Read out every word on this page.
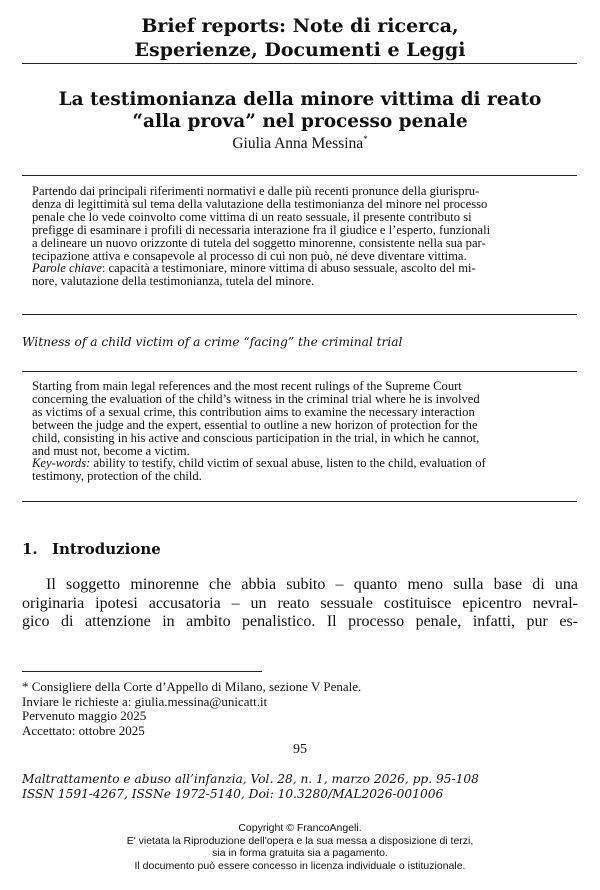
Brief reports: Note di ricerca,
Esperienze, Documenti e Leggi
La testimonianza della minore vittima di reato
“alla prova” nel processo penale
Giulia Anna Messina*
Partendo dai principali riferimenti normativi e dalle più recenti pronunce della giurispru-
denza di legittimità sul tema della valutazione della testimonianza del minore nel processo
penale che lo vede coinvolto come vittima di un reato sessuale, il presente contributo si
prefigge di esaminare i profili di necessaria interazione fra il giudice e l’esperto, funzionali
a delineare un nuovo orizzonte di tutela del soggetto minorenne, consistente nella sua par-
tecipazione attiva e consapevole al processo di cui non può, né deve diventare vittima.
Parole chiave: capacità a testimoniare, minore vittima di abuso sessuale, ascolto del mi-
nore, valutazione della testimonianza, tutela del minore.
Witness of a child victim of a crime “facing” the criminal trial
Starting from main legal references and the most recent rulings of the Supreme Court
concerning the evaluation of the child’s witness in the criminal trial where he is involved
as victims of a sexual crime, this contribution aims to examine the necessary interaction
between the judge and the expert, essential to outline a new horizon of protection for the
child, consisting in his active and conscious participation in the trial, in which he cannot,
and must not, become a victim.
Key-words: ability to testify, child victim of sexual abuse, listen to the child, evaluation of
testimony, protection of the child.
1. Introduzione
Il soggetto minorenne che abbia subito – quanto meno sulla base di una
originaria ipotesi accusatoria – un reato sessuale costituisce epicentro nevral-
gico di attenzione in ambito penalistico. Il processo penale, infatti, pur es-
* Consigliere della Corte d’Appello di Milano, sezione V Penale.
Inviare le richieste a: giulia.messina@unicatt.it
Pervenuto maggio 2025
Accettato: ottobre 2025
95
Maltrattamento e abuso all’infanzia, Vol. 28, n. 1, marzo 2026, pp. 95-108
ISSN 1591-4267, ISSNe 1972-5140, Doi: 10.3280/MAL2026-001006
Copyright © FrancoAngeli.
E' vietata la Riproduzione dell'opera e la sua messa a disposizione di terzi,
sia in forma gratuita sia a pagamento.
Il documento può essere concesso in licenza individuale o istituzionale.
